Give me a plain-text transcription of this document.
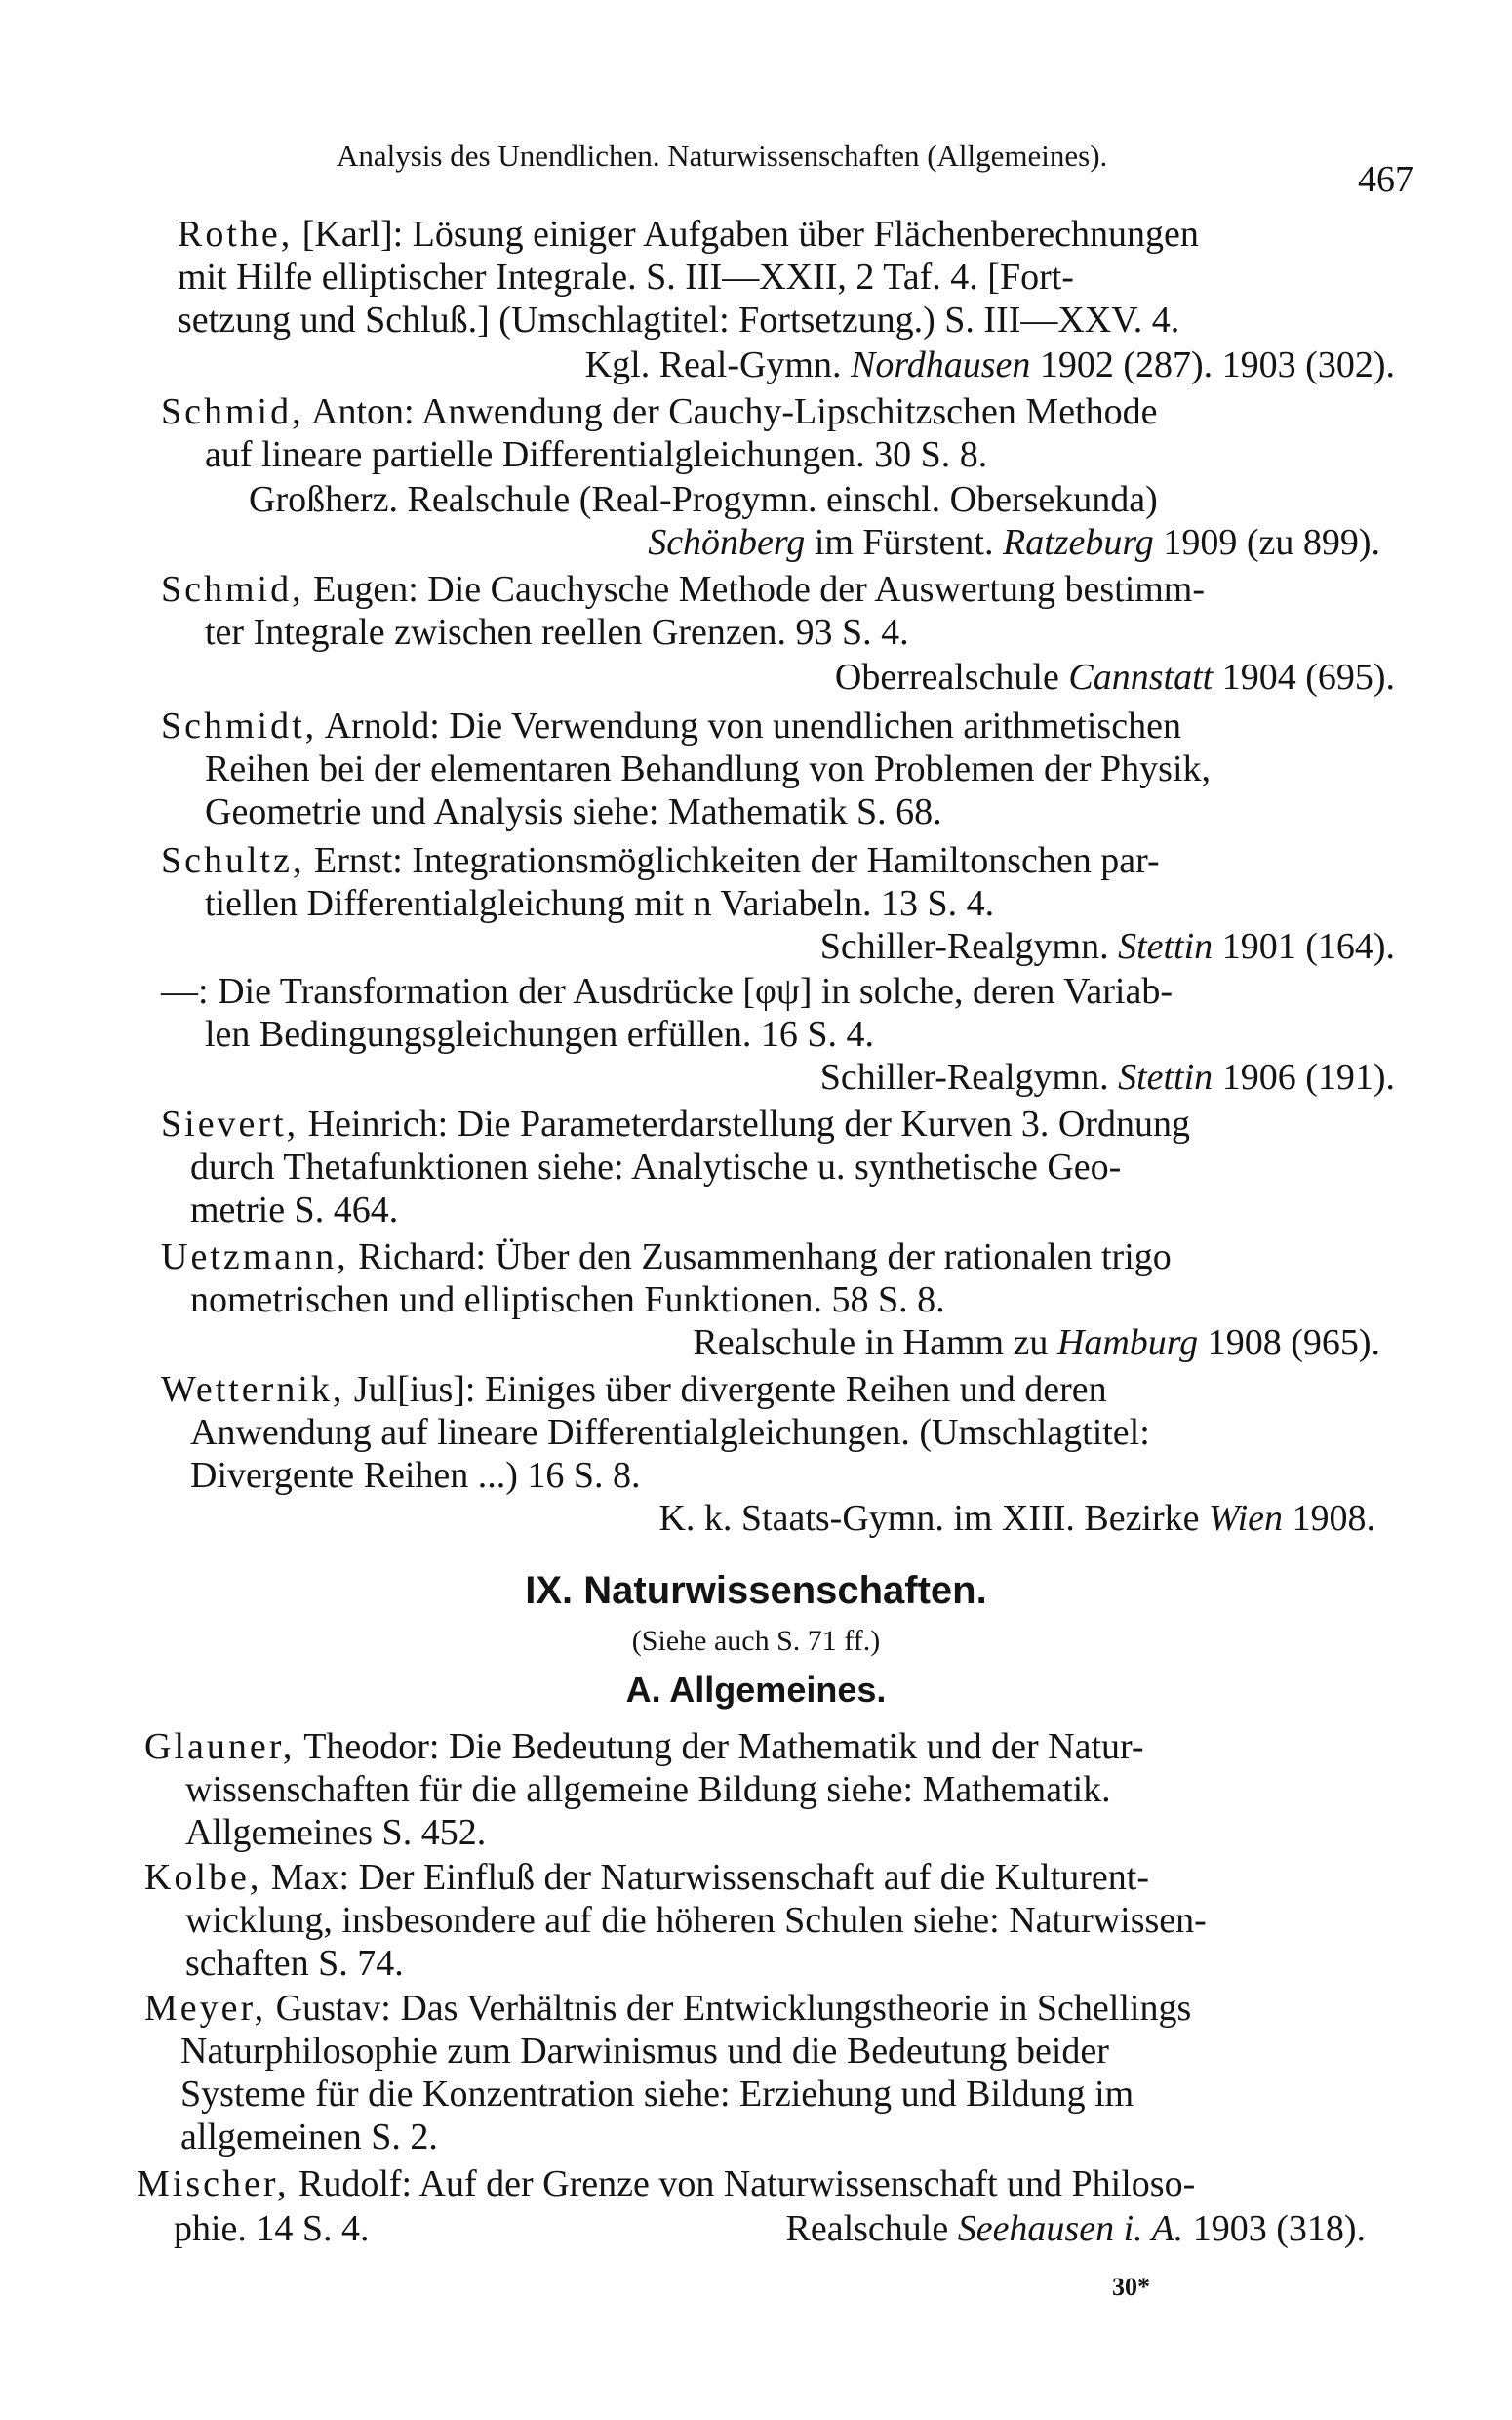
Analysis des Unendlichen. Naturwissenschaften (Allgemeines).
467
Rothe, [Karl]: Lösung einiger Aufgaben über Flächenberechnungen
mit Hilfe elliptischer Integrale. S. III—XXII, 2 Taf. 4. [Fort-
setzung und Schluß.] (Umschlagtitel: Fortsetzung.) S. III—XXV. 4.
Kgl. Real-Gymn. Nordhausen 1902 (287). 1903 (302).
Schmid, Anton: Anwendung der Cauchy-Lipschitzschen Methode
auf lineare partielle Differentialgleichungen. 30 S. 8.
Großherz. Realschule (Real-Progymn. einschl. Obersekunda)
Schönberg im Fürstent. Ratzeburg 1909 (zu 899).
Schmid, Eugen: Die Cauchysche Methode der Auswertung bestimm-
ter Integrale zwischen reellen Grenzen. 93 S. 4.
Oberrealschule Cannstatt 1904 (695).
Schmidt, Arnold: Die Verwendung von unendlichen arithmetischen
Reihen bei der elementaren Behandlung von Problemen der Physik,
Geometrie und Analysis siehe: Mathematik S. 68.
Schultz, Ernst: Integrationsmöglichkeiten der Hamiltonschen par-
tiellen Differentialgleichung mit n Variabeln. 13 S. 4.
Schiller-Realgymn. Stettin 1901 (164).
—: Die Transformation der Ausdrücke [φψ] in solche, deren Variab-
len Bedingungsgleichungen erfüllen. 16 S. 4.
Schiller-Realgymn. Stettin 1906 (191).
Sievert, Heinrich: Die Parameterdarstellung der Kurven 3. Ordnung
durch Thetafunktionen siehe: Analytische u. synthetische Geo-
metrie S. 464.
Uetzmann, Richard: Über den Zusammenhang der rationalen trigo
nometrischen und elliptischen Funktionen. 58 S. 8.
Realschule in Hamm zu Hamburg 1908 (965).
Wetternik, Jul[ius]: Einiges über divergente Reihen und deren
Anwendung auf lineare Differentialgleichungen. (Umschlagtitel:
Divergente Reihen ...) 16 S. 8.
K. k. Staats-Gymn. im XIII. Bezirke Wien 1908.
IX. Naturwissenschaften.
(Siehe auch S. 71 ff.)
A. Allgemeines.
Glauner, Theodor: Die Bedeutung der Mathematik und der Natur-
wissenschaften für die allgemeine Bildung siehe: Mathematik.
Allgemeines S. 452.
Kolbe, Max: Der Einfluß der Naturwissenschaft auf die Kulturent-
wicklung, insbesondere auf die höheren Schulen siehe: Naturwissen-
schaften S. 74.
Meyer, Gustav: Das Verhältnis der Entwicklungstheorie in Schellings
Naturphilosophie zum Darwinismus und die Bedeutung beider
Systeme für die Konzentration siehe: Erziehung und Bildung im
allgemeinen S. 2.
Mischer, Rudolf: Auf der Grenze von Naturwissenschaft und Philoso-
phie. 14 S. 4.	Realschule Seehausen i. A. 1903 (318).
30*
